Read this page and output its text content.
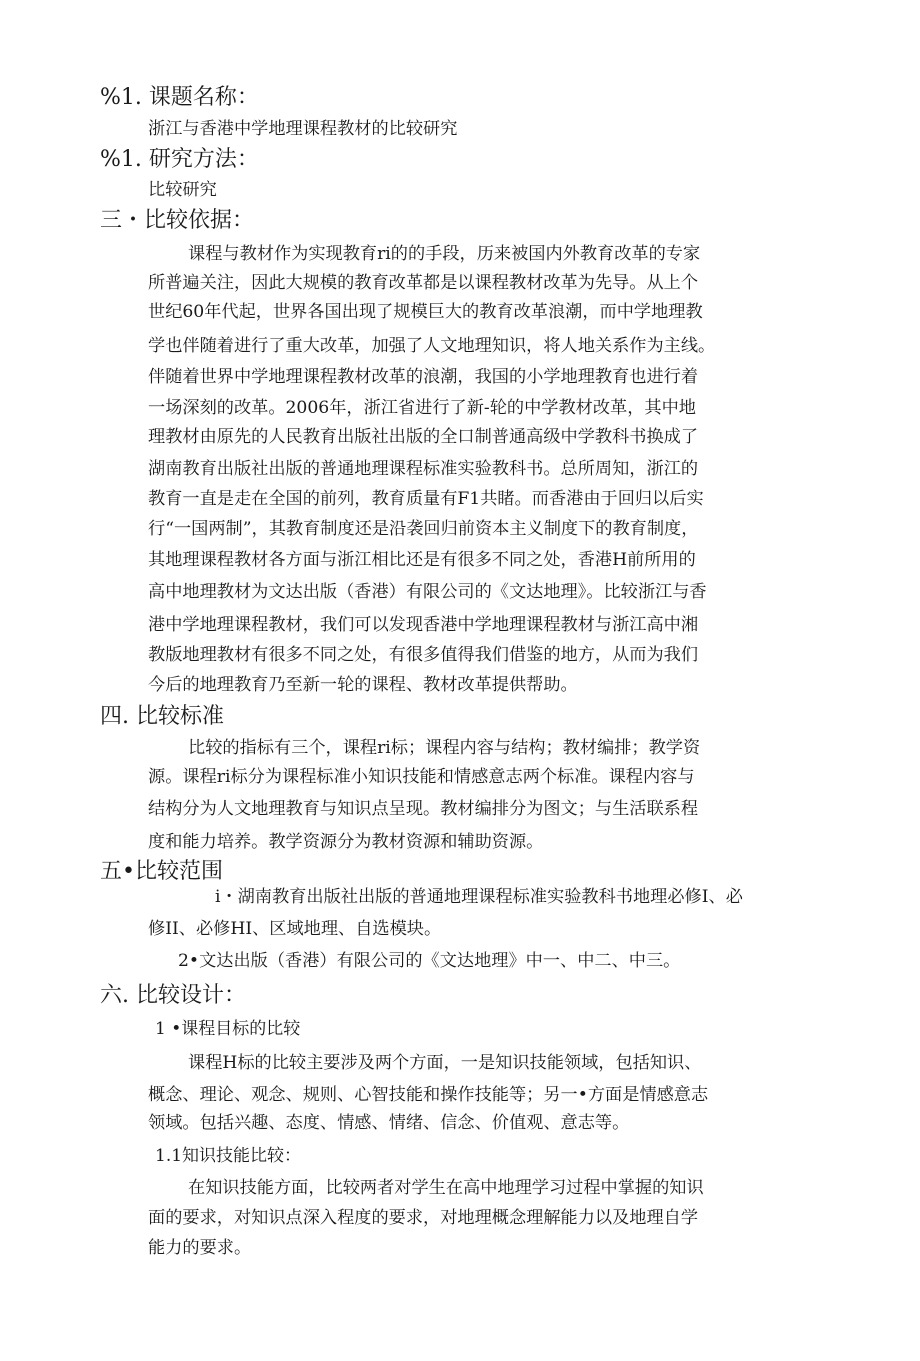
%1. 课题名称：
浙江与香港中学地理课程教材的比较研究
%1. 研究方法：
比较研究
三・比较依据：
课程与教材作为实现教育ri的的手段，历来被国内外教育改革的专家
所普遍关注，因此大规模的教育改革都是以课程教材改革为先导。从上个
世纪60年代起，世界各国出现了规模巨大的教育改革浪潮，而中学地理教
学也伴随着进行了重大改革，加强了人文地理知识，将人地关系作为主线。
伴随着世界中学地理课程教材改革的浪潮，我国的小学地理教育也进行着
一场深刻的改革。2006年，浙江省进行了新-轮的中学教材改革，其中地
理教材由原先的人民教育出版社出版的全口制普通高级中学教科书换成了
湖南教育出版社出版的普通地理课程标准实验教科书。总所周知，浙江的
教育一直是走在全国的前列，教育质量有F1共睹。而香港由于回归以后实
行“一国两制”，其教育制度还是沿袭回归前资本主义制度下的教育制度，
其地理课程教材各方面与浙江相比还是有很多不同之处，香港H前所用的
高中地理教材为文达出版（香港）有限公司的《文达地理》。比较浙江与香
港中学地理课程教材，我们可以发现香港中学地理课程教材与浙江高中湘
教版地理教材有很多不同之处，有很多值得我们借鉴的地方，从而为我们
今后的地理教育乃至新一轮的课程、教材改革提供帮助。
四. 比较标准
比较的指标有三个，课程ri标；课程内容与结构；教材编排；教学资
源。课程ri标分为课程标准小知识技能和情感意志两个标准。课程内容与
结构分为人文地理教育与知识点呈现。教材编排分为图文；与生活联系程
度和能力培养。教学资源分为教材资源和辅助资源。
五•比较范围
i・湖南教育出版社出版的普通地理课程标准实验教科书地理必修I、必
修II、必修HI、区域地理、自选模块。
2•文达出版（香港）有限公司的《文达地理》中一、中二、中三。
六. 比较设计：
1 •课程目标的比较
课程H标的比较主要涉及两个方面，一是知识技能领域，包括知识、
概念、理论、观念、规则、心智技能和操作技能等；另一•方面是情感意志
领域。包括兴趣、态度、情感、情绪、信念、价值观、意志等。
1.1知识技能比较：
在知识技能方面，比较两者对学生在高中地理学习过程中掌握的知识
面的要求，对知识点深入程度的要求，对地理概念理解能力以及地理自学
能力的要求。
